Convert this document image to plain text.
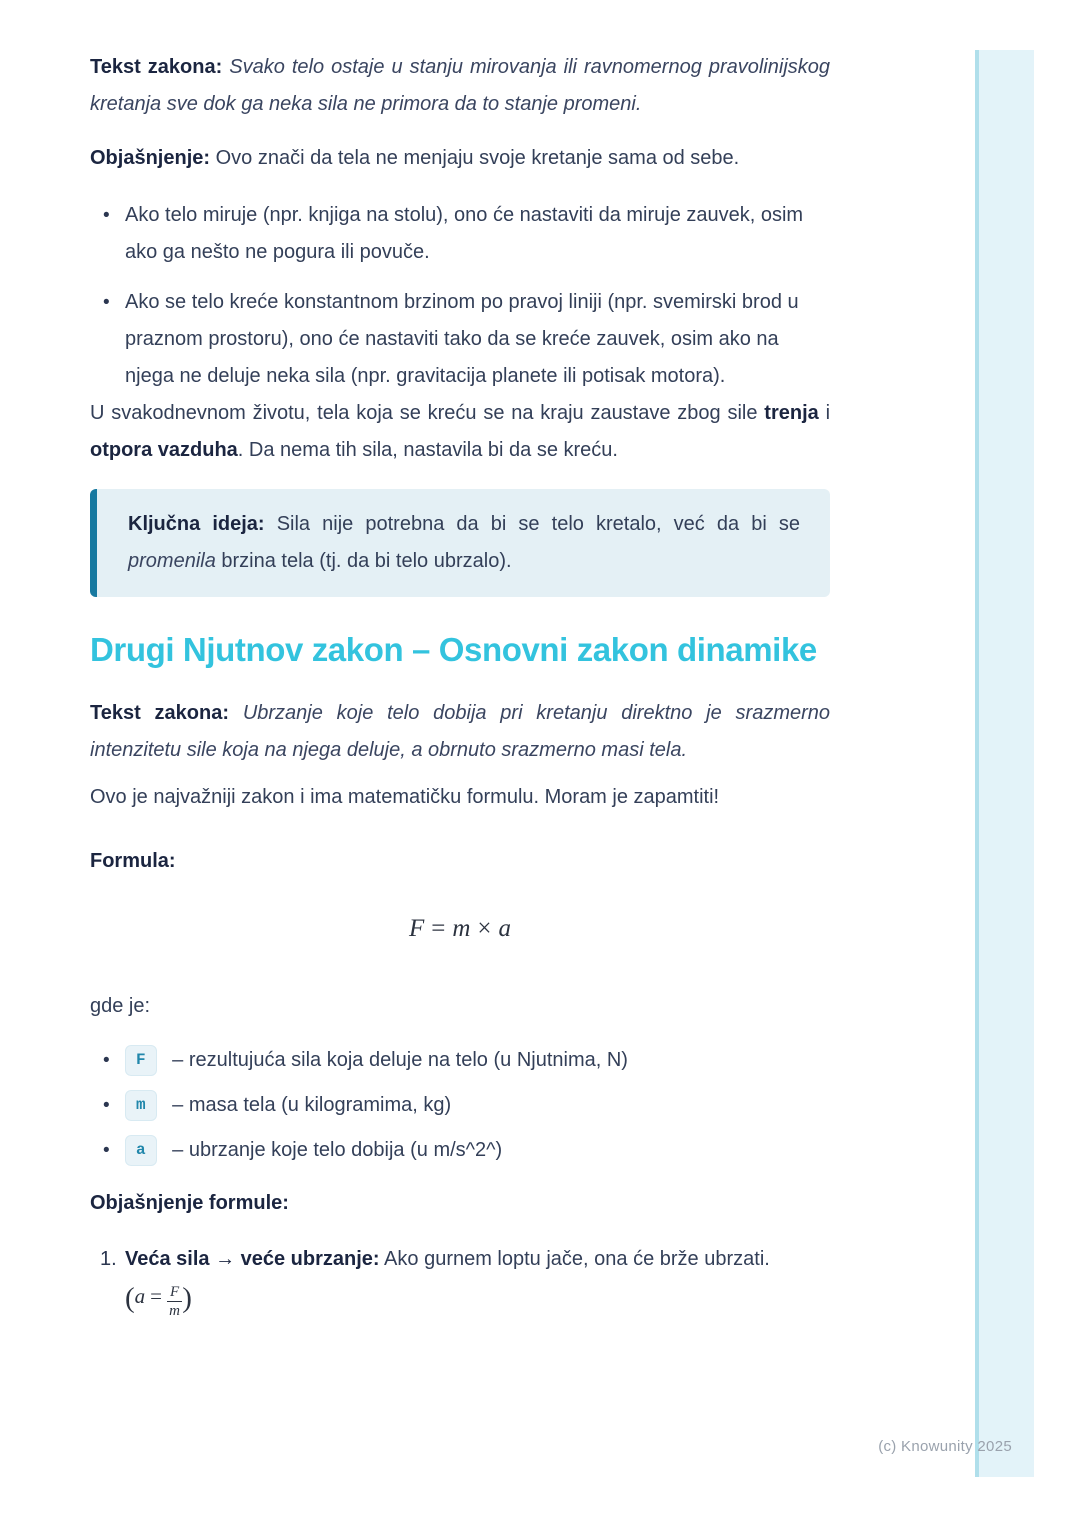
Tekst zakona: Svako telo ostaje u stanju mirovanja ili ravnomernog pravolinijskog kretanja sve dok ga neka sila ne primora da to stanje promeni.

Objašnjenje: Ovo znači da tela ne menjaju svoje kretanje sama od sebe.

• Ako telo miruje (npr. knjiga na stolu), ono će nastaviti da miruje zauvek, osim ako ga nešto ne pogura ili povuče.
• Ako se telo kreće konstantnom brzinom po pravoj liniji (npr. svemirski brod u praznom prostoru), ono će nastaviti tako da se kreće zauvek, osim ako na njega ne deluje neka sila (npr. gravitacija planete ili potisak motora).

U svakodnevnom životu, tela koja se kreću se na kraju zaustave zbog sile trenja i otpora vazduha. Da nema tih sila, nastavila bi da se kreću.

Ključna ideja: Sila nije potrebna da bi se telo kretalo, već da bi se promenila brzina tela (tj. da bi telo ubrzalo).
Drugi Njutnov zakon – Osnovni zakon dinamike

Tekst zakona: Ubrzanje koje telo dobija pri kretanju direktno je srazmerno intenzitetu sile koja na njega deluje, a obrnuto srazmerno masi tela.

Ovo je najvažniji zakon i ima matematičku formulu. Moram je zapamtiti!

Formula:

F = m × a

gde je:

• F – rezultujuća sila koja deluje na telo (u Njutnima, N)
• m – masa tela (u kilogramima, kg)
• a – ubrzanje koje telo dobija (u m/s^2^)

Objašnjenje formule:

1. Veća sila → veće ubrzanje: Ako gurnem loptu jače, ona će brže ubrzati. ($a = \frac{F}{m}$ )
(c) Knowunity 2025
